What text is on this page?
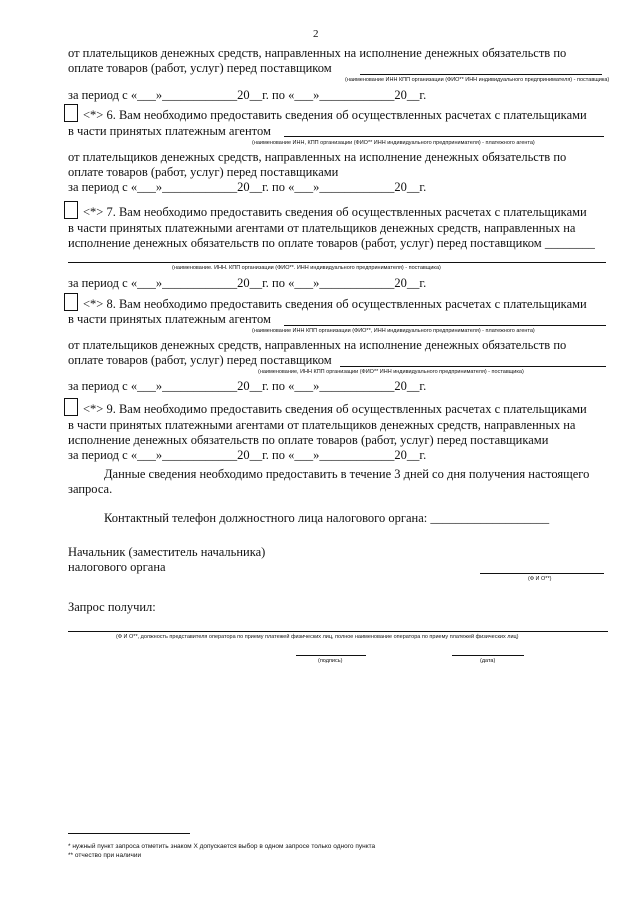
2
от плательщиков денежных средств, направленных на исполнение денежных обязательств по
оплате товаров (работ, услуг) перед поставщиком
(наименование ИНН КПП организации (ФИО** ИНН индивидуального предпринимателя) - поставщика)
за период с «___»____________20__г. по «___»____________20__г.
<*> 6. Вам необходимо предоставить сведения об осуществленных расчетах с плательщиками
в части принятых платежным агентом
(наименование ИНН, КПП организации (ФИО** ИНН индивидуального предпринимателя) - платежного агента)
от плательщиков денежных средств, направленных на исполнение денежных обязательств по
оплате товаров (работ, услуг) перед поставщиками
за период с «___»____________20__г. по «___»____________20__г.
<*> 7. Вам необходимо предоставить сведения об осуществленных расчетах с плательщиками
в части принятых платежными агентами от плательщиков денежных средств, направленных на
исполнение денежных обязательств по оплате товаров (работ, услуг) перед поставщиком ________
(наименование. ИНН. КПП организации (ФИО**. ИНН индивидуального предпринимателя) - поставщика)
за период с «___»____________20__г. по «___»____________20__г.
<*> 8. Вам необходимо предоставить сведения об осуществленных расчетах с плательщиками
в части принятых платежным агентом
(наименование ИНН КПП организации (ФИО**, ИНН индивидуального предпринимателя) - платежного агента)
от плательщиков денежных средств, направленных на исполнение денежных обязательств по
оплате товаров (работ, услуг) перед поставщиком
(наименование, ИНН КПП организации (ФИО** ИНН индивидуального предпринимателя) - поставщика)
за период с «___»____________20__г. по «___»____________20__г.
<*> 9. Вам необходимо предоставить сведения об осуществленных расчетах с плательщиками
в части принятых платежными агентами от плательщиков денежных средств, направленных на
исполнение денежных обязательств по оплате товаров (работ, услуг) перед поставщиками
за период с «___»____________20__г. по «___»____________20__г.
Данные сведения необходимо предоставить в течение 3 дней со дня получения настоящего
запроса.
Контактный телефон должностного лица налогового органа: ___________________
Начальник (заместитель начальника)
налогового органа
(Ф И О**)
Запрос получил:
(Ф И О**, должность представителя оператора по приему платежей физических лиц, полное наименование оператора по приему платежей физических лиц)
(подпись)	(дата)
* нужный пункт запроса отметить знаком Х допускается выбор в одном запросе только одного пункта
** отчество при наличии
